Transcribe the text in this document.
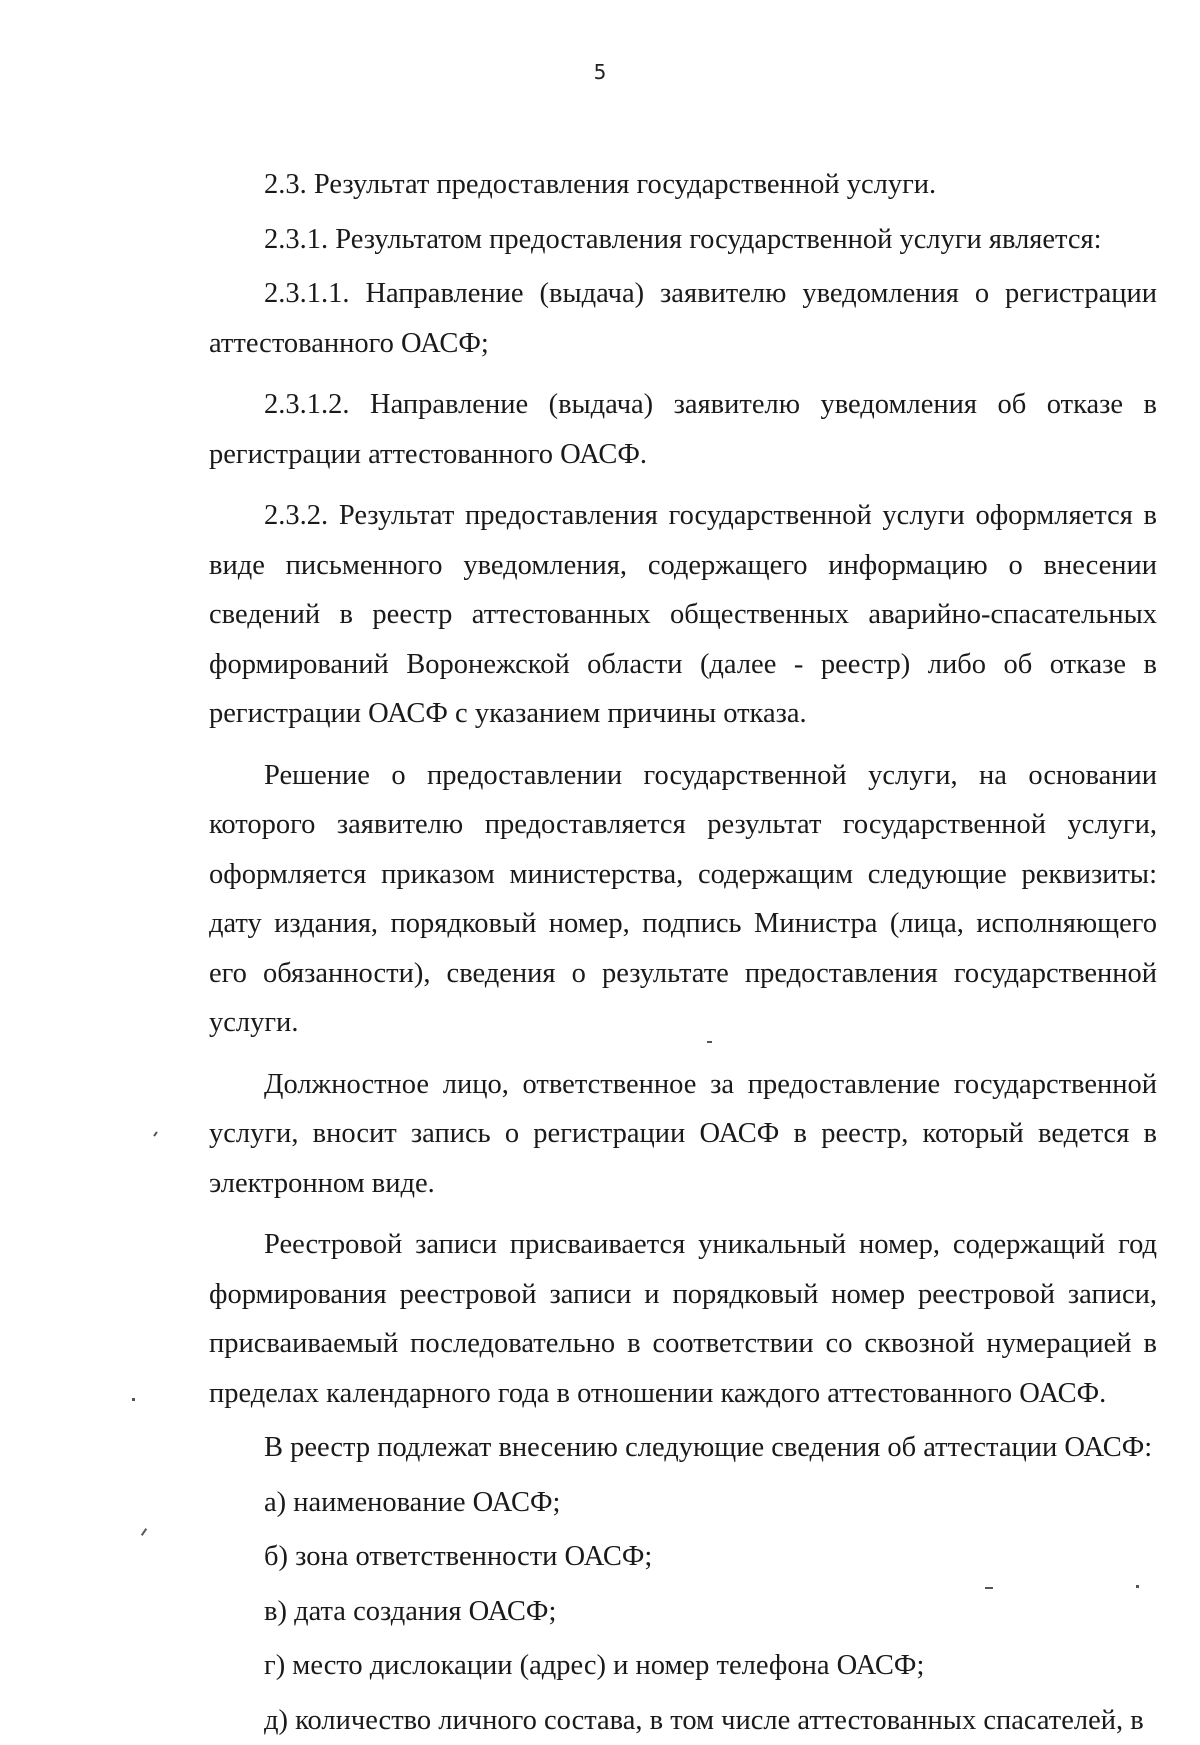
5

2.3. Результат предоставления государственной услуги.

2.3.1. Результатом предоставления государственной услуги является:

2.3.1.1. Направление (выдача) заявителю уведомления о регистрации аттестованного ОАСФ;

2.3.1.2. Направление (выдача) заявителю уведомления об отказе в регистрации аттестованного ОАСФ.

2.3.2. Результат предоставления государственной услуги оформляется в виде письменного уведомления, содержащего информацию о внесении сведений в реестр аттестованных общественных аварийно-спасательных формирований Воронежской области (далее - реестр) либо об отказе в регистрации ОАСФ с указанием причины отказа.

Решение о предоставлении государственной услуги, на основании которого заявителю предоставляется результат государственной услуги, оформляется приказом министерства, содержащим следующие реквизиты: дату издания, порядковый номер, подпись Министра (лица, исполняющего его обязанности), сведения о результате предоставления государственной услуги.

Должностное лицо, ответственное за предоставление государственной услуги, вносит запись о регистрации ОАСФ в реестр, который ведется в электронном виде.

Реестровой записи присваивается уникальный номер, содержащий год формирования реестровой записи и порядковый номер реестровой записи, присваиваемый последовательно в соответствии со сквозной нумерацией в пределах календарного года в отношении каждого аттестованного ОАСФ.

В реестр подлежат внесению следующие сведения об аттестации ОАСФ:

а) наименование ОАСФ;

б) зона ответственности ОАСФ;

в) дата создания ОАСФ;

г) место дислокации (адрес) и номер телефона ОАСФ;

д) количество личного состава, в том числе аттестованных спасателей, в
